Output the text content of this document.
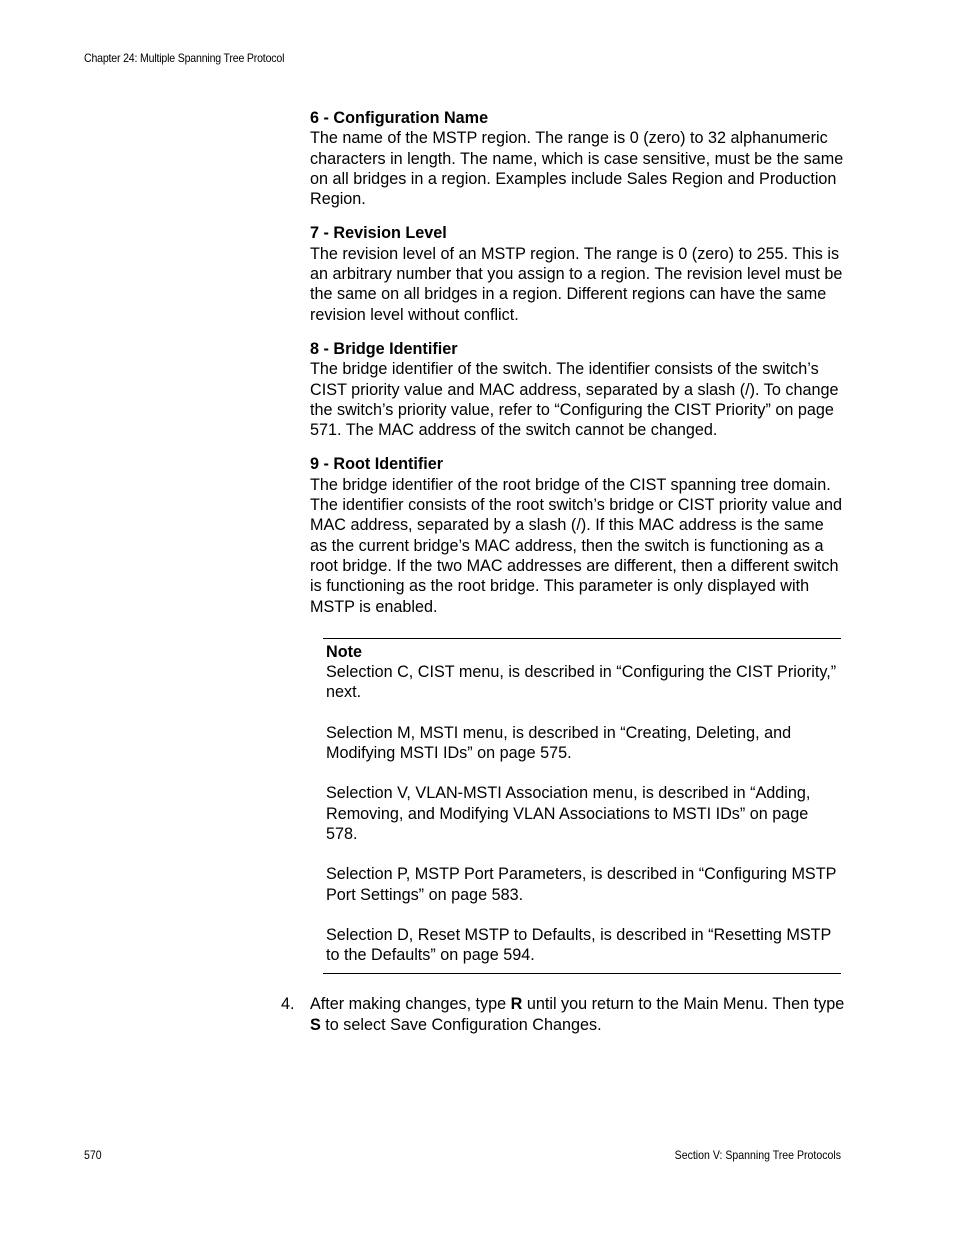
Chapter 24: Multiple Spanning Tree Protocol
6 - Configuration Name
The name of the MSTP region. The range is 0 (zero) to 32 alphanumeric characters in length. The name, which is case sensitive, must be the same on all bridges in a region. Examples include Sales Region and Production Region.
7 - Revision Level
The revision level of an MSTP region. The range is 0 (zero) to 255. This is an arbitrary number that you assign to a region. The revision level must be the same on all bridges in a region. Different regions can have the same revision level without conflict.
8 - Bridge Identifier
The bridge identifier of the switch. The identifier consists of the switch’s CIST priority value and MAC address, separated by a slash (/). To change the switch’s priority value, refer to “Configuring the CIST Priority” on page 571. The MAC address of the switch cannot be changed.
9 - Root Identifier
The bridge identifier of the root bridge of the CIST spanning tree domain. The identifier consists of the root switch’s bridge or CIST priority value and MAC address, separated by a slash (/). If this MAC address is the same as the current bridge’s MAC address, then the switch is functioning as a root bridge. If the two MAC addresses are different, then a different switch is functioning as the root bridge. This parameter is only displayed with MSTP is enabled.
Note
Selection C, CIST menu, is described in “Configuring the CIST Priority,” next.
Selection M, MSTI menu, is described in “Creating, Deleting, and Modifying MSTI IDs” on page 575.
Selection V, VLAN-MSTI Association menu, is described in “Adding, Removing, and Modifying VLAN Associations to MSTI IDs” on page 578.
Selection P, MSTP Port Parameters, is described in “Configuring MSTP Port Settings” on page 583.
Selection D, Reset MSTP to Defaults, is described in “Resetting MSTP to the Defaults” on page 594.
4. After making changes, type R until you return to the Main Menu. Then type S to select Save Configuration Changes.
570	Section V: Spanning Tree Protocols
